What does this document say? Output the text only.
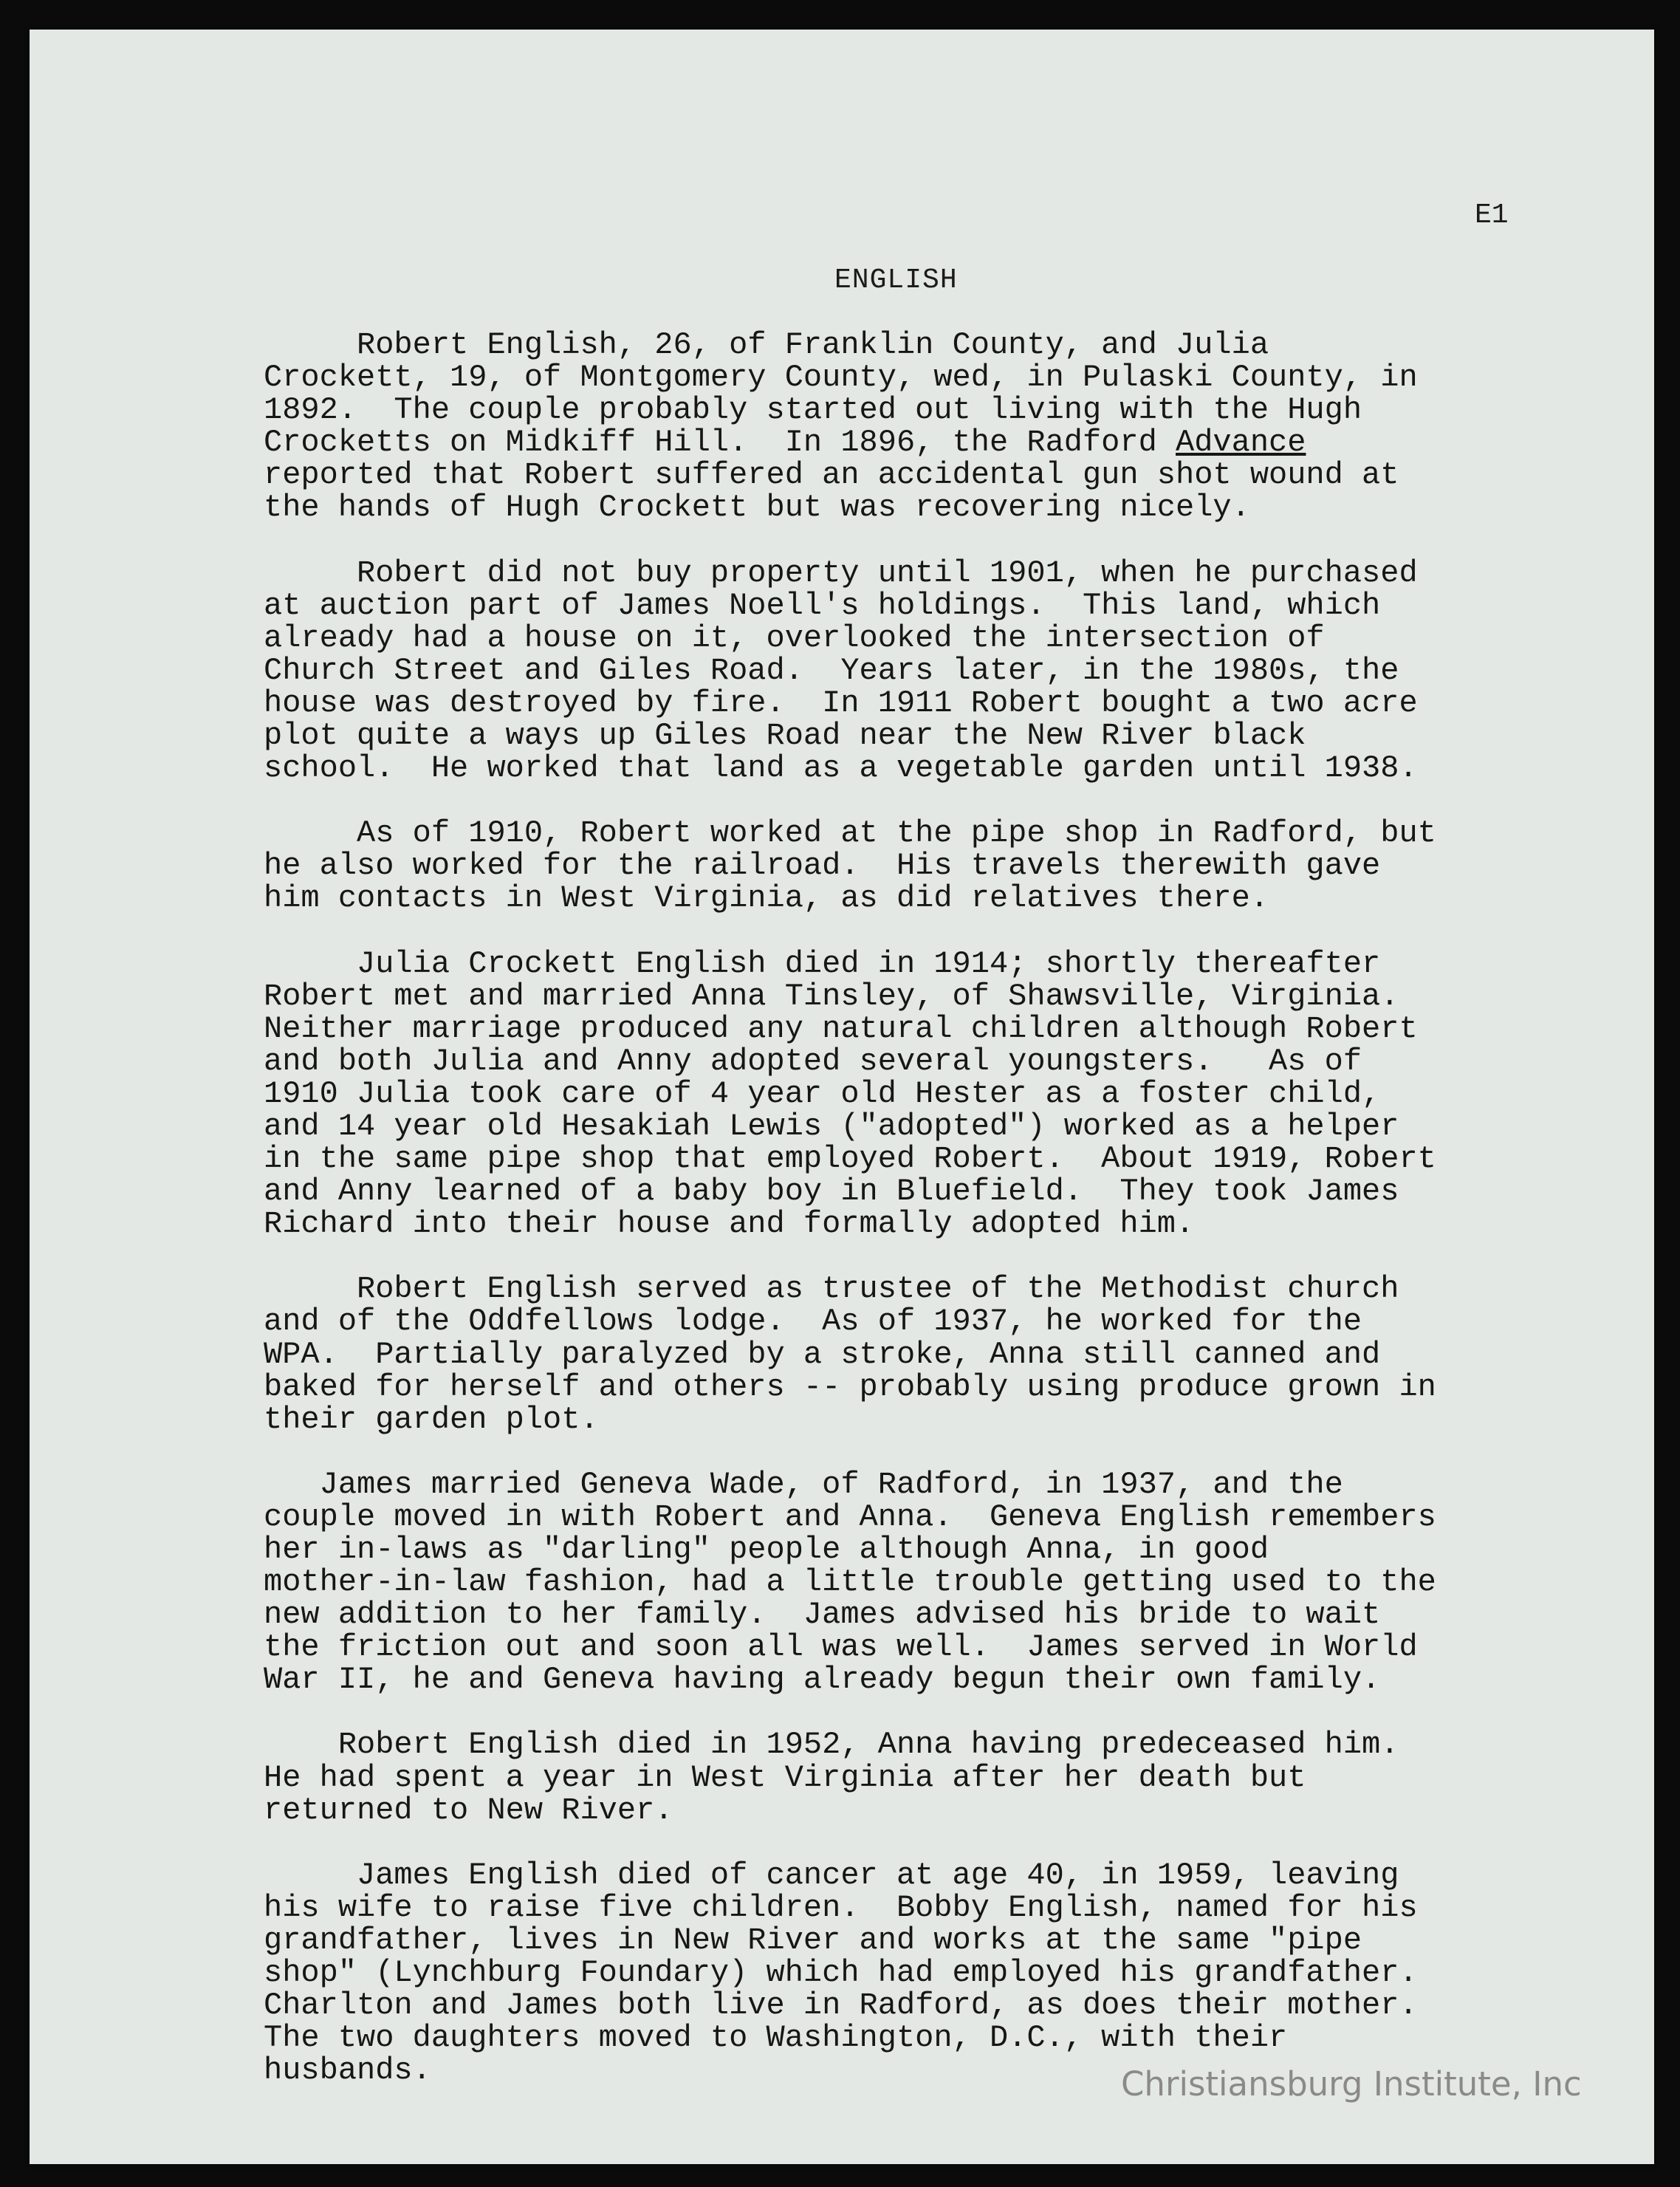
E1
ENGLISH
Robert English, 26, of Franklin County, and Julia
Crockett, 19, of Montgomery County, wed, in Pulaski County, in
1892.  The couple probably started out living with the Hugh
Crocketts on Midkiff Hill.  In 1896, the Radford Advance
reported that Robert suffered an accidental gun shot wound at
the hands of Hugh Crockett but was recovering nicely.
Robert did not buy property until 1901, when he purchased
at auction part of James Noell's holdings.  This land, which
already had a house on it, overlooked the intersection of
Church Street and Giles Road.  Years later, in the 1980s, the
house was destroyed by fire.  In 1911 Robert bought a two acre
plot quite a ways up Giles Road near the New River black
school.  He worked that land as a vegetable garden until 1938.
As of 1910, Robert worked at the pipe shop in Radford, but
he also worked for the railroad.  His travels therewith gave
him contacts in West Virginia, as did relatives there.
Julia Crockett English died in 1914; shortly thereafter
Robert met and married Anna Tinsley, of Shawsville, Virginia.
Neither marriage produced any natural children although Robert
and both Julia and Anny adopted several youngsters.   As of
1910 Julia took care of 4 year old Hester as a foster child,
and 14 year old Hesakiah Lewis ("adopted") worked as a helper
in the same pipe shop that employed Robert.  About 1919, Robert
and Anny learned of a baby boy in Bluefield.  They took James
Richard into their house and formally adopted him.
Robert English served as trustee of the Methodist church
and of the Oddfellows lodge.  As of 1937, he worked for the
WPA.  Partially paralyzed by a stroke, Anna still canned and
baked for herself and others -- probably using produce grown in
their garden plot.
James married Geneva Wade, of Radford, in 1937, and the
couple moved in with Robert and Anna.  Geneva English remembers
her in-laws as "darling" people although Anna, in good
mother-in-law fashion, had a little trouble getting used to the
new addition to her family.  James advised his bride to wait
the friction out and soon all was well.  James served in World
War II, he and Geneva having already begun their own family.
Robert English died in 1952, Anna having predeceased him.
He had spent a year in West Virginia after her death but
returned to New River.
James English died of cancer at age 40, in 1959, leaving
his wife to raise five children.  Bobby English, named for his
grandfather, lives in New River and works at the same "pipe
shop" (Lynchburg Foundary) which had employed his grandfather.
Charlton and James both live in Radford, as does their mother.
The two daughters moved to Washington, D.C., with their
husbands.	Christiansburg Institute, Inc
